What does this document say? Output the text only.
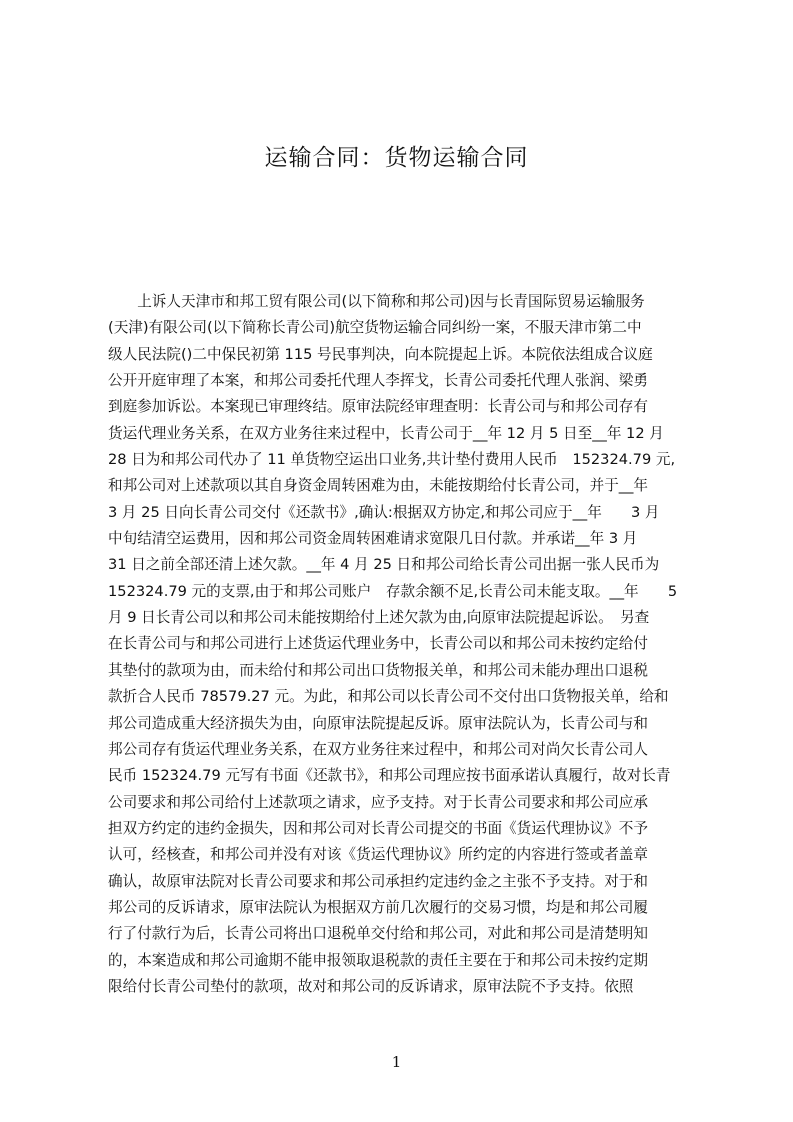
运输合同：货物运输合同
　　上诉人天津市和邦工贸有限公司(以下简称和邦公司)因与长青国际贸易运输服务
(天津)有限公司(以下简称长青公司)航空货物运输合同纠纷一案，不服天津市第二中
级人民法院()二中保民初第 115 号民事判决，向本院提起上诉。本院依法组成合议庭
公开开庭审理了本案，和邦公司委托代理人李挥戈，长青公司委托代理人张润、梁勇
到庭参加诉讼。本案现已审理终结。原审法院经审理查明：长青公司与和邦公司存有
货运代理业务关系，在双方业务往来过程中，长青公司于__年 12 月 5 日至__年 12 月
28 日为和邦公司代办了 11 单货物空运出口业务,共计垫付费用人民币　152324.79 元,
和邦公司对上述款项以其自身资金周转困难为由，未能按期给付长青公司，并于__年
3 月 25 日向长青公司交付《还款书》,确认:根据双方协定,和邦公司应于__年　　3 月
中旬结清空运费用，因和邦公司资金周转困难请求宽限几日付款。并承诺__年 3 月
31 日之前全部还清上述欠款。__年 4 月 25 日和邦公司给长青公司出据一张人民币为
152324.79 元的支票,由于和邦公司账户　存款余额不足,长青公司未能支取。__年　　5
月 9 日长青公司以和邦公司未能按期给付上述欠款为由,向原审法院提起诉讼。　另查
在长青公司与和邦公司进行上述货运代理业务中，长青公司以和邦公司未按约定给付
其垫付的款项为由，而未给付和邦公司出口货物报关单，和邦公司未能办理出口退税
款折合人民币 78579.27 元。为此，和邦公司以长青公司不交付出口货物报关单，给和
邦公司造成重大经济损失为由，向原审法院提起反诉。原审法院认为，长青公司与和
邦公司存有货运代理业务关系，在双方业务往来过程中，和邦公司对尚欠长青公司人
民币 152324.79 元写有书面《还款书》，和邦公司理应按书面承诺认真履行，故对长青
公司要求和邦公司给付上述款项之请求，应予支持。对于长青公司要求和邦公司应承
担双方约定的违约金损失，因和邦公司对长青公司提交的书面《货运代理协议》不予
认可，经核查，和邦公司并没有对该《货运代理协议》所约定的内容进行签或者盖章
确认，故原审法院对长青公司要求和邦公司承担约定违约金之主张不予支持。对于和
邦公司的反诉请求，原审法院认为根据双方前几次履行的交易习惯，均是和邦公司履
行了付款行为后，长青公司将出口退税单交付给和邦公司，对此和邦公司是清楚明知
的，本案造成和邦公司逾期不能申报领取退税款的责任主要在于和邦公司未按约定期
限给付长青公司垫付的款项，故对和邦公司的反诉请求，原审法院不予支持。依照
1
